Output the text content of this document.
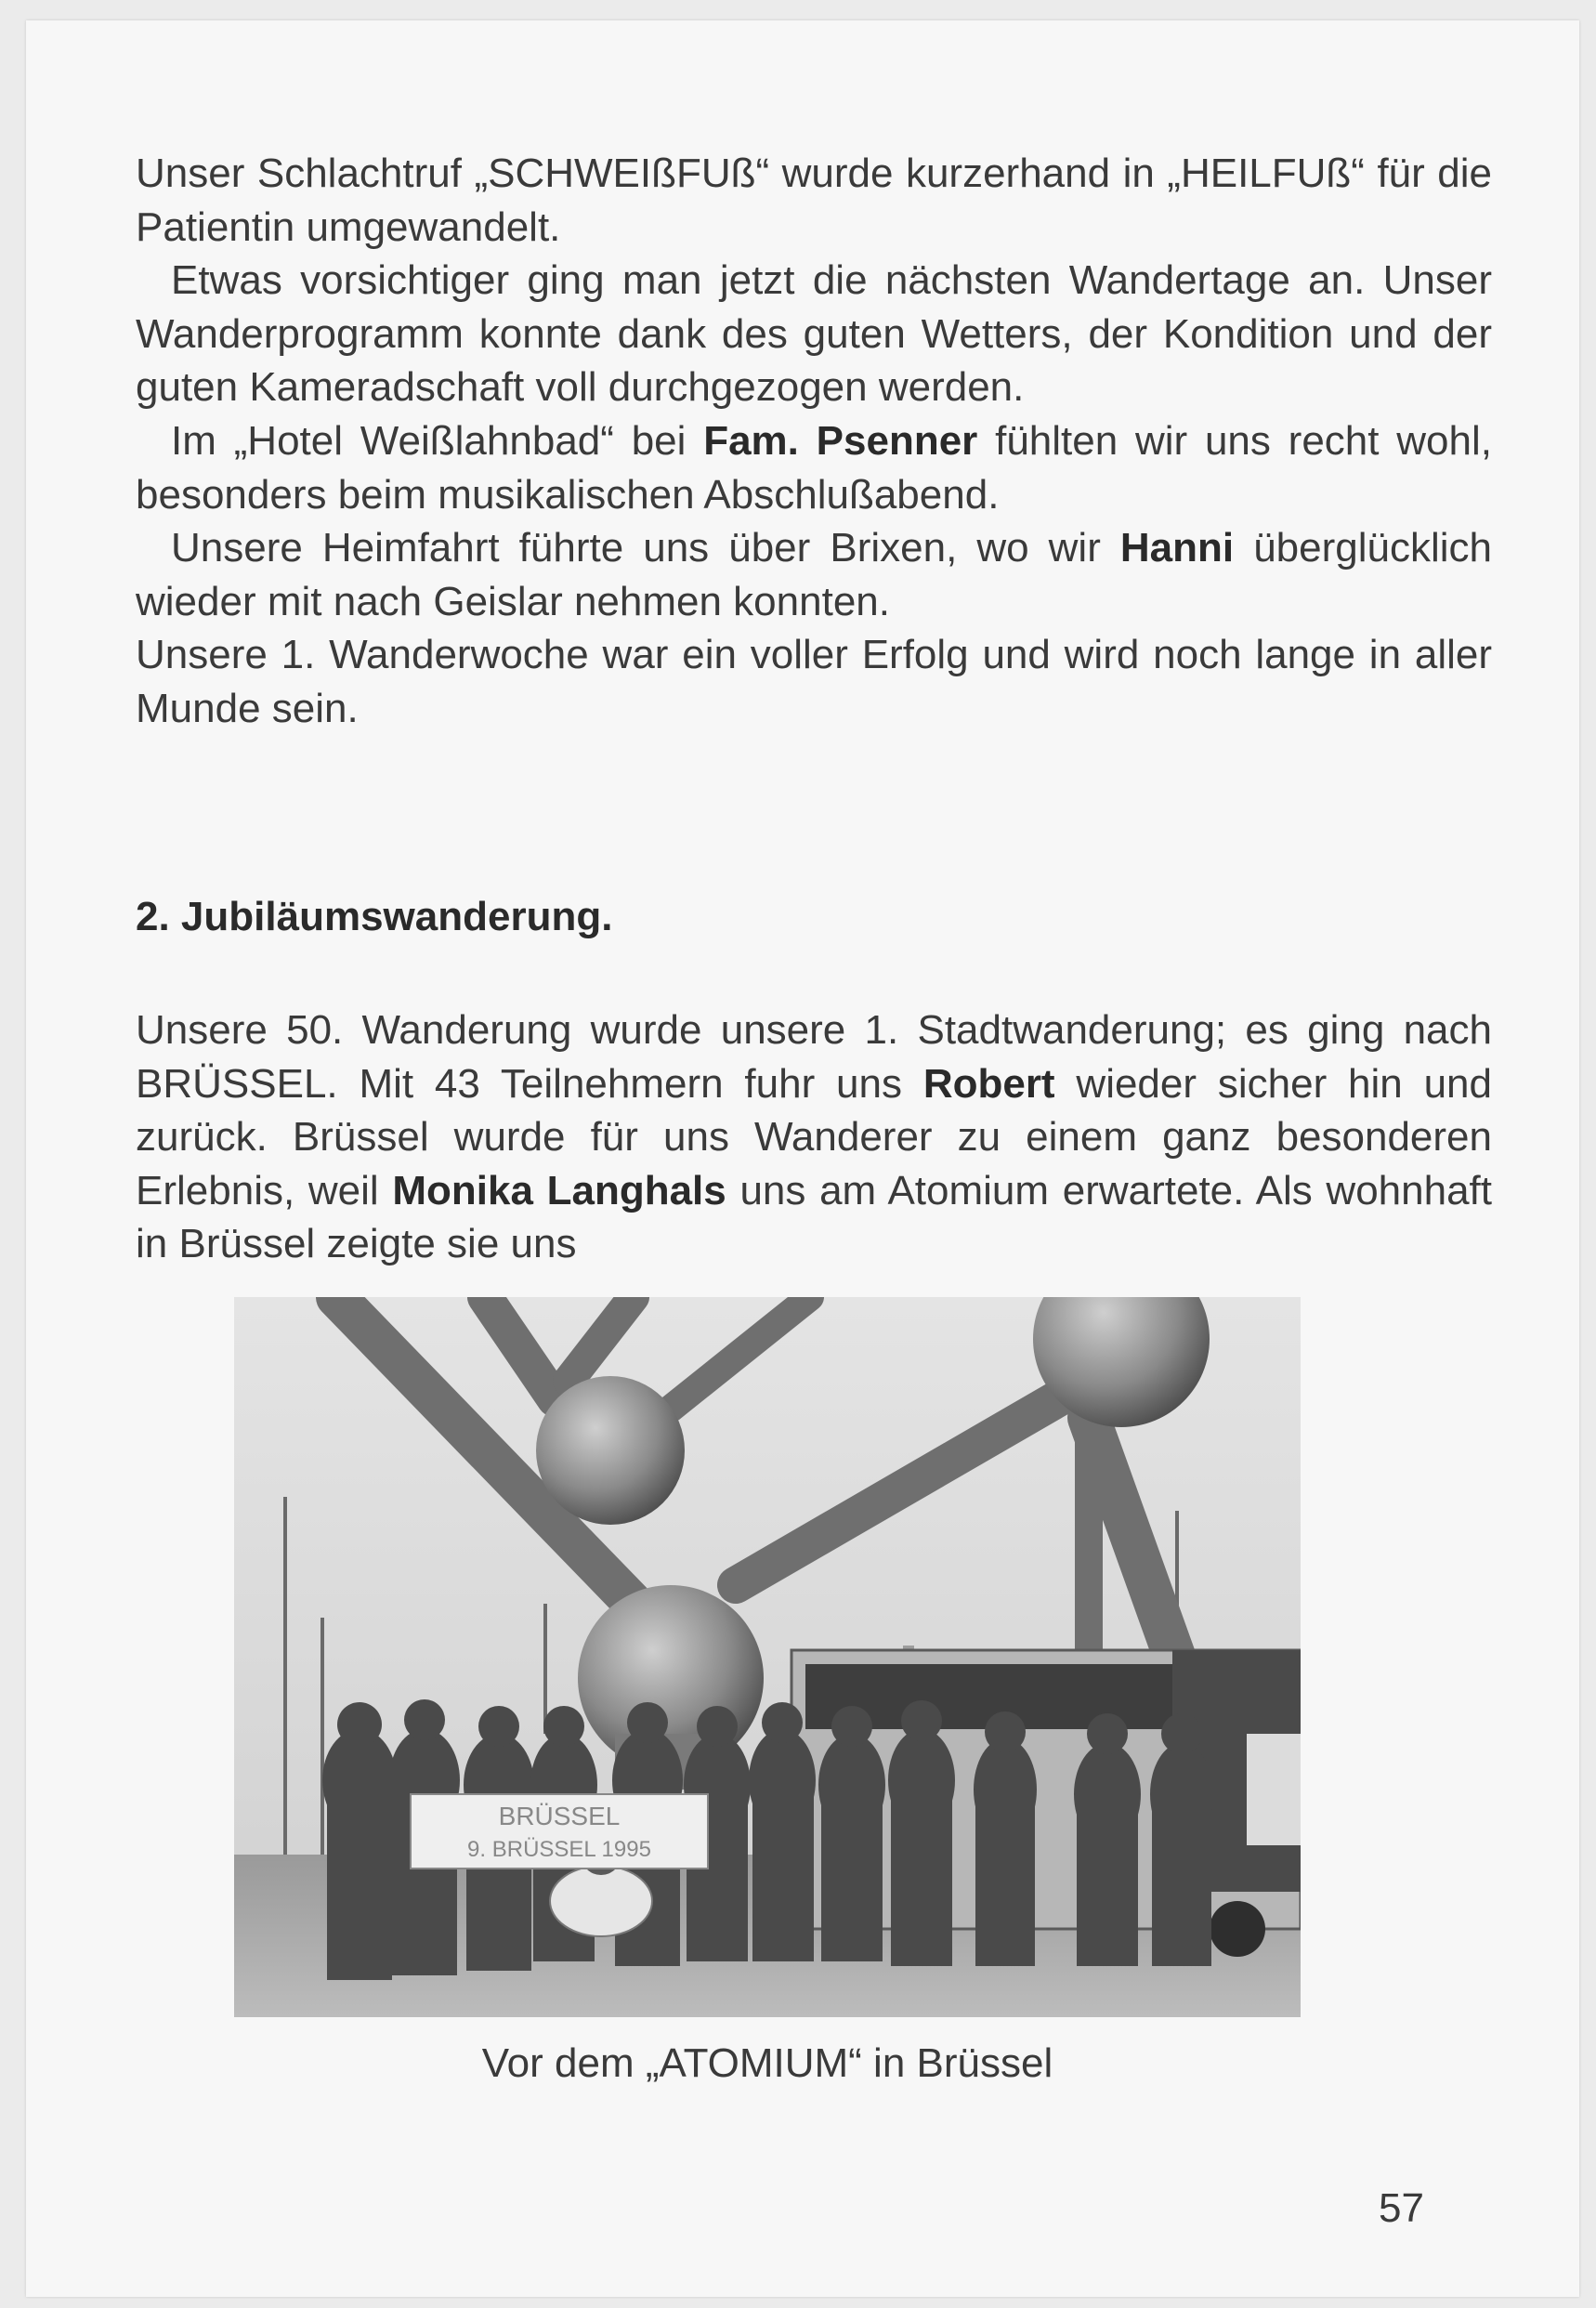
Unser Schlachtruf „SCHWEIßFUß“ wurde kurzerhand in „HEILFUß“ für die Patientin umgewandelt.

Etwas vorsichtiger ging man jetzt die nächsten Wandertage an. Unser Wanderprogramm konnte dank des guten Wetters, der Kondition und der guten Kameradschaft voll durchgezogen werden.

Im „Hotel Weißlahnbad“ bei Fam. Psenner fühlten wir uns recht wohl, besonders beim musikalischen Abschlußabend.

Unsere Heimfahrt führte uns über Brixen, wo wir Hanni überglücklich wieder mit nach Geislar nehmen konnten.

Unsere 1. Wanderwoche war ein voller Erfolg und wird noch lange in aller Munde sein.

2. Jubiläumswanderung.

Unsere 50. Wanderung wurde unsere 1. Stadtwanderung; es ging nach BRÜSSEL. Mit 43 Teilnehmern fuhr uns Robert wieder sicher hin und zurück. Brüssel wurde für uns Wanderer zu einem ganz besonderen Erlebnis, weil Monika Langhals uns am Atomium erwartete. Als wohnhaft in Brüssel zeigte sie uns

BRÜSSEL
9. BRÜSSEL 1995
Vor dem „ATOMIUM“ in Brüssel
57
